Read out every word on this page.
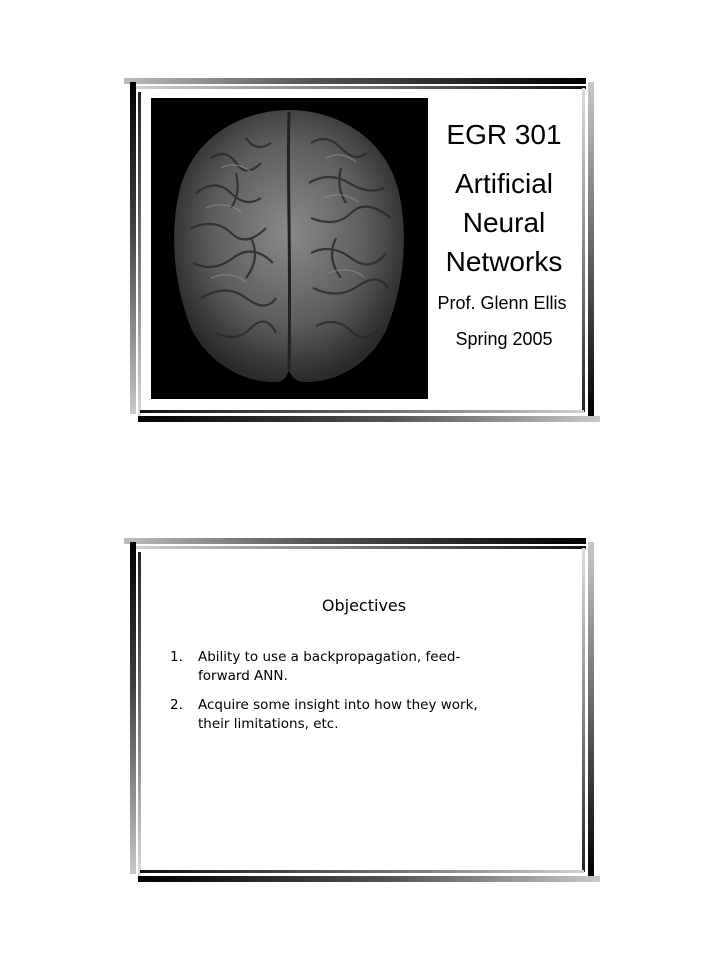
EGR 301
Artificial
Neural
Networks
Prof. Glenn Ellis
Spring 2005
Objectives
1. Ability to use a backpropagation, feed-forward ANN.
2. Acquire some insight into how they work, their limitations, etc.
